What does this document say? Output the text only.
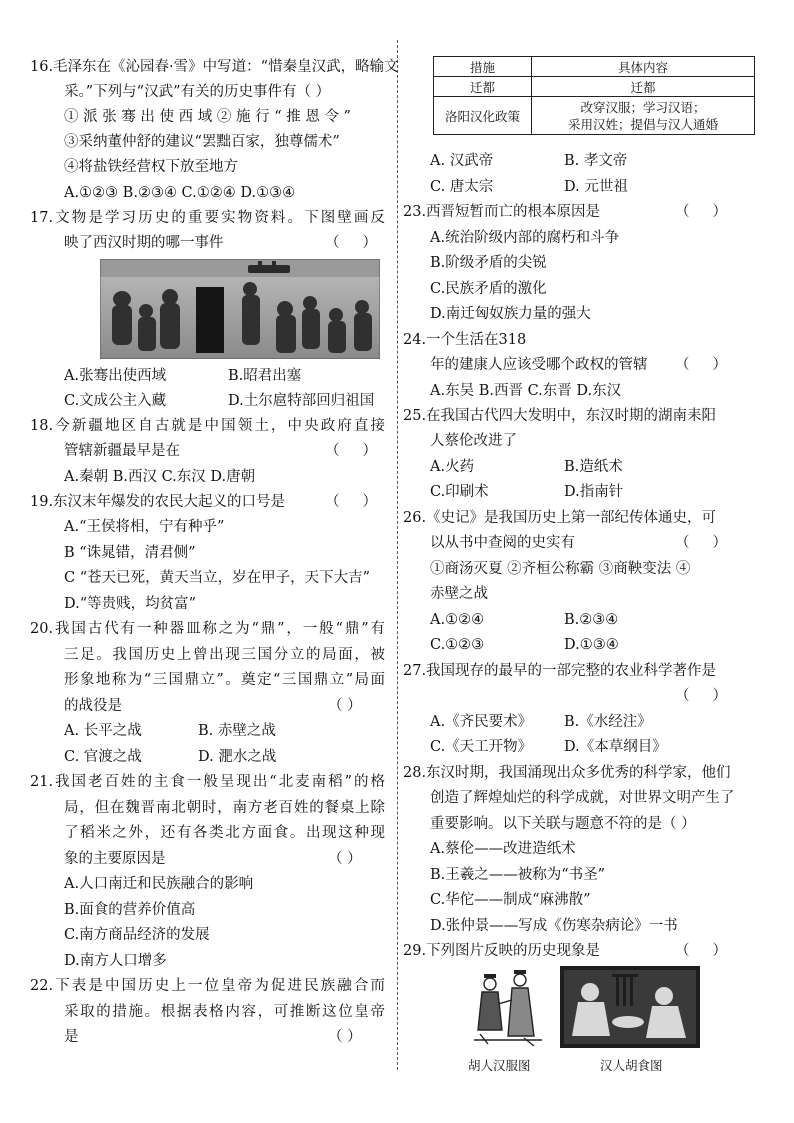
16.毛泽东在《沁园春·雪》中写道：“惜秦皇汉武，略输文
采。”下列与“汉武”有关的历史事件有（ ）
① 派 张 骞 出 使 西 域 ② 施 行 “ 推 恩 令 ”
③采纳董仲舒的建议“罢黜百家，独尊儒术”
④将盐铁经营权下放至地方
A.①②③ B.②③④ C.①②④ D.①③④
17.文物是学习历史的重要实物资料。下图壁画反
映了西汉时期的哪一事件	（     ）
A.张骞出使西域	B.昭君出塞
C.文成公主入藏	D.土尔扈特部回归祖国
18.今新疆地区自古就是中国领土，中央政府直接
管辖新疆最早是在	（     ）
A.秦朝 B.西汉 C.东汉 D.唐朝
19.东汉末年爆发的农民大起义的口号是	（     ）
A.“王侯将相，宁有种乎”
B “诛晁错，清君侧”
C “苍天已死，黄天当立，岁在甲子，天下大吉”
D.“等贵贱，均贫富”
20.我国古代有一种器皿称之为“鼎”，一般“鼎”有
三足。我国历史上曾出现三国分立的局面，被
形象地称为“三国鼎立”。奠定“三国鼎立”局面
的战役是	（ ）
A. 长平之战	B. 赤壁之战
C. 官渡之战	D. 淝水之战
21.我国老百姓的主食一般呈现出“北麦南稻”的格
局，但在魏晋南北朝时，南方老百姓的餐桌上除
了稻米之外，还有各类北方面食。出现这种现
象的主要原因是	（ ）
A.人口南迁和民族融合的影响
B.面食的营养价值高
C.南方商品经济的发展
D.南方人口增多
22.下表是中国历史上一位皇帝为促进民族融合而
采取的措施。根据表格内容，可推断这位皇帝
是	（ ）
措施	具体内容
迁都	迁都
洛阳汉化政策	改穿汉服；学习汉语；
采用汉姓；提倡与汉人通婚
A. 汉武帝	B. 孝文帝
C. 唐太宗	D. 元世祖
23.西晋短暂而亡的根本原因是	（     ）
A.统治阶级内部的腐朽和斗争
B.阶级矛盾的尖锐
C.民族矛盾的激化
D.南迁匈奴族力量的强大
24.一个生活在318
年的建康人应该受哪个政权的管辖 （     ）
A.东吴 B.西晋 C.东晋 D.东汉
25.在我国古代四大发明中，东汉时期的湖南耒阳
人蔡伦改进了
A.火药	B.造纸术
C.印刷术	D.指南针
26.《史记》是我国历史上第一部纪传体通史，可
以从书中查阅的史实有	（     ）
①商汤灭夏 ②齐桓公称霸 ③商鞅变法 ④
赤壁之战
A.①②④	B.②③④
C.①②③	D.①③④
27.我国现存的最早的一部完整的农业科学著作是
（     ）
A.《齐民要术》 B.《水经注》
C.《天工开物》 D.《本草纲目》
28.东汉时期，我国涌现出众多优秀的科学家，他们
创造了辉煌灿烂的科学成就，对世界文明产生了
重要影响。以下关联与题意不符的是（ ）
A.蔡伦——改进造纸术
B.王羲之——被称为“书圣”
C.华佗——制成“麻沸散”
D.张仲景——写成《伤寒杂病论》一书
29.下列图片反映的历史现象是	（     ）
胡人汉服图	汉人胡食图
